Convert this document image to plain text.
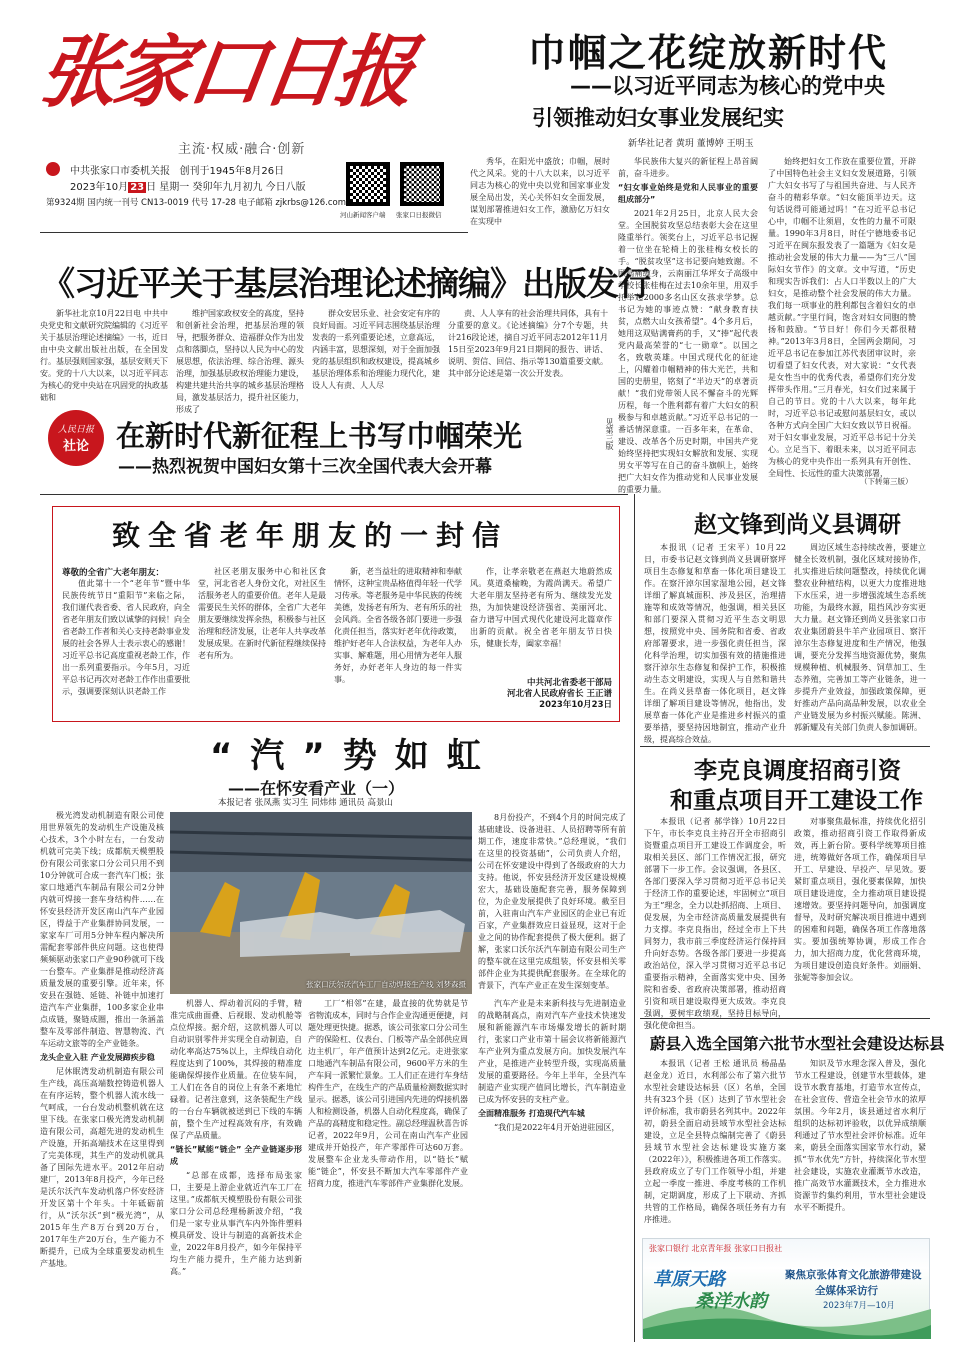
张家口日报
主流·权威·融合·创新
中共张家口市委机关报 创刊于1945年8月26日
2023年10月 23 日 星期一 癸卯年九月初九 今日八版
第9324期 国内统一刊号 CN13-0019 代号 17-28 电子邮箱 zjkrbs@126.com
河山新闻客户端 张家口日报微信
巾帼之花绽放新时代
——以习近平同志为核心的党中央
引领推动妇女事业发展纪实
新华社记者 黄玥 董博婷 王明玉

秀华，在阳光中盛放；巾帼，展时代之风采。党的十八大以来，以习近平同志为核心的党中央以党和国家事业发展全局出发，关心关怀妇女全面发展，谋划部署推进妇女工作，激励亿万妇女在实现中

华民族伟大复兴的新征程上昂首阔前，奋斗进步。

“妇女事业始终是党和人民事业的重要组成部分”

2021年2月25日，北京人民大会堂。全国脱贫攻坚总结表彰大会在这里隆重举行。领奖台上，习近平总书记握着一位坐在轮椅上的张桂梅女校长的手。“脱贫攻坚”这书记要向她致谢。不顾病痛缠身，云南丽江华坪女子高级中学校长张桂梅在过去10余年里，用双手托举起2000多名山区女孩求学梦。总书记为她的事迹点赞：“献身教育扶贫，点燃大山女孩希望”。4个多月后，她用这双贴满膏药的手，又“捧”起代表党内最高荣誉的“七一勋章”。以国之名，致敬英雄。中国式现代化的征途上，闪耀着巾帼精神的伟大光芒，共和国的史册里，铭刻了“半边天”的卓著贡献！“我们党带领人民不懈奋斗的光辉历程，每一个胜利都有着广大妇女的积极参与和卓越贡献。”习近平总书记的一番话情深意重。一百多年来，在革命、建设、改革各个历史时期，中国共产党始终坚持把实现妇女解放和发展、实现男女平等写在自己的奋斗旗帜上，始终把广大妇女作为推动党和人民事业发展的重要力量。

始终把妇女工作放在重要位置，开辟了中国特色社会主义妇女发展道路，引领广大妇女书写了与祖国共奋进、与人民齐奋斗的精彩华章。“妇女能顶半边天。这句话说得可能通过吗！”在习近平总书记心中，巾帼不让须眉，女性的力量不可限量。1990年3月8日，时任宁德地委书记习近平在闽东报发表了一篇题为《妇女是推动社会发展的伟大力量——为“三八”国际妇女节作》的文章。文中写道，“历史和现实告诉我们：占人口半数以上的广大妇女，是推动整个社会发展的伟大力量。我们每一项事业的胜利都包含着妇女的卓越贡献。”字里行间，饱含对妇女同胞的赞扬和鼓励。“节日好！你们今天都很精神。”2013年3月8日，全国两会期间，习近平总书记在参加江苏代表团审议时，亲切看望了妇女代表，对大家说：“女代表是女性当中的优秀代表，希望你们充分发挥带头作用。”三月春光，妇女们过来属于自己的节日。党的十八大以来，每年此时，习近平总书记或慰问基层妇女，或以各种方式向全国广大妇女致以节日祝福。对于妇女事业发展，习近平总书记十分关心。立足当下、着眼未来，以习近平同志为核心的党中央作出一系列具有开创性、全局性、长远性的重大决策部署，

（下转第三版）
《习近平关于基层治理论述摘编》出版发行

新华社北京10月22日电 中共中央党史和文献研究院编辑的《习近平关于基层治理论述摘编》一书，近日由中央文献出版社出版，在全国发行。基层强则国家强，基层安则天下安。党的十八大以来，以习近平同志为核心的党中央站在巩固党的执政基础和

维护国家政权安全的高度，坚持和创新社会治理，把基层治理的领导，把服务群众、造福群众作为出发点和落脚点，坚持以人民为中心的发展思想，依法治理、综合治理、源头治理，加强基层政权治理能力建设，构建共建共治共享的城乡基层治理格局，激发基层活力，提升社区能力，形成了

群众安居乐业、社会安定有序的良好局面。习近平同志围绕基层治理发表的一系列重要论述，立意高远，内涵丰富，思想深刻，对于全面加强党的基层组织和政权建设，提高城乡基层治理体系和治理能力现代化，建设人人有责、人人尽

责、人人享有的社会治理共同体，具有十分重要的意义。《论述摘编》分7个专题，共计216段论述，摘自习近平同志2012年11月15日至2023年9月21日期间的报告、讲话、说明、贺信、回信、指示等130篇重要文献。其中部分论述是第一次公开发表。

人民日报
社论 在新时代新征程上书写巾帼荣光
——热烈祝贺中国妇女第十三次全国代表大会开幕
见第三版
致全省老年朋友的一封信
尊敬的全省广大老年朋友：

值此第十一个“老年节”暨中华民族传统节日“重阳节”来临之际，我们谨代表省委、省人民政府，向全省老年朋友们致以诚挚的问候！向全省老龄工作者和关心支持老龄事业发展的社会各界人士表示衷心的感谢！习近平总书记高度重视老龄工作，作出一系列重要指示。今年5月，习近平总书记再次对老龄工作作出重要批示，强调要深刻认识老龄工作

社区老朋友服务中心和社区食堂，河北省老人身份文化，对社区生活服务老人的重要价值。老年人是最需要民生关怀的群体，全省广大老年朋友要继续发挥余热，积极参与社区治理和经济发展，让老年人共享改革发展成果。在新时代新征程继续保持老有所为。

新，老当益壮的进取精神和奉献情怀，这种宝贵品格值得年轻一代学习传承。等老服务是中华民族的传统美德，发扬老有所为、老有所乐的社会风尚。全省各级各部门要进一步强化责任担当，落实好老年优待政策，维护好老年人合法权益，为老年人办实事、解难题，用心用情为老年人服务好，办好老年人身边的每一件实事。

作，让孝亲敬老在燕赵大地蔚然成风。莫道桑榆晚，为霞尚满天。希望广大老年朋友坚持老有所为、继续发光发热，为加快建设经济强省、美丽河北、奋力谱写中国式现代化建设河北篇章作出新的贡献。祝全省老年朋友节日快乐，健康长寿，阖家幸福！

中共河北省委老干部局
河北省人民政府省长 王正谱
2023年10月23日
赵文锋到尚义县调研

本报讯（记者 王宋平）10月22日，市委书记赵文锋到尚义县调研察坪项目生态修复和草畜一体化项目建设工作。在察汗淖尔国家湿地公园，赵文锋详细了解真城面积、涉及县区，治理措施等和成效等情况，他强调，相关县区和部门要深入贯彻习近平生态文明思想，按照党中央、国务院和省委、省政府部署要求，进一步强化责任担当，深化科学治理，切实加强有效的措施推进察汗淖尔生态修复和保护工作，积极推动生态文明建设，实现人与自然和谐共生。在尚义县草畜一体化项目，赵文锋详细了解项目建设等情况，他指出，发展草畜一体化产业是推进乡村振兴的重要举措，要坚持因地制宜，推动产业升级，提高综合效益。

周边区域生态持续改善，要建立健全长效机制，强化区域对接协作，扎实推进后续问题整改，持续优化调整农业种植结构，以更大力度推进地下水压采，进一步增强流域生态系统功能，为最终水源，阻挡风沙夯实更大力量。赵文锋还到尚义县张家口市农业集团蔚县牛羊产业园项目、察汗淖尔生态修复进度和生产情况，他强调，要充分发挥当地资源优势，聚焦规模种植、机械服务、饲草加工、生态养殖，完善加工等产业链条，进一步提升产业效益，加强政策保障，更好推动产品向高品种发展，以农业全产业链发展为乡村振兴赋能。陈洲、郭新耀及有关部门负责人参加调研。

“汽”势如虹
——在怀安看产业（一）
本报记者 张凤燕 实习生 同炜炜 通讯员 高景山

极光湾发动机制造有限公司使用世界领先的发动机生产设施及核心技术，3个小时左右，一台发动机就可完美下线；成都航天模塑股份有限公司张家口分公司只用不到10分钟就可合成一套汽车门板；张家口地通汽车制品有限公司2分钟内就可焊接一套车身结构件……在怀安县经济开发区南山汽车产业园区，得益于产业集群协同发展，一家家车厂可用5分钟车程内解决所需配套零部件供应问题。这也使得频频驱动张家口产业90秒就可下线一台整车。产业集群是推动经济高质量发展的重要引擎。近年来，怀安县在强链、延链、补链中加速打造汽车产业集群，100多家企业串点成链，聚链成圈，推出一条涵盖整车及零部件制造、智慧物流、汽车运动文旅等的全产业链条。

龙头企业入驻 产业发展蹄疾步稳

尼休眠湾发动机制造有限公司生产线，高压高端数控铸造机器人在有序运转，整个机器人流水线一气呵成，一台台发动机整机就在这里下线。在张家口极光湾发动机制造有限公司，高超先进的发动机生产设施，开拓高端技术在这里得到了完美体现，其生产的发动机就具备了国际先进水平。2012年启动建厂，2013年8月投产，今年已经是沃尔沃汽车发动机落户怀安经济开发区第十个年头。十年砥砺前行，从“沃尔沃”到“极光湾”，从2015年生产8万台到20万台，2017年生产20万台，生产能力不断提升，已成为全球重要发动机生产基地。

张家口沃尔沃汽车工厂自动焊接生产线 刘梦森摄

8月份投产，不到4个月的时间完成了基础建设、设备进驻、人员招聘等所有前期工作，速度非常快。”总经理说，“我们在这里的投资基础”，公司负责人介绍，公司在怀安建设中得到了各级政府的大力支持。他说，怀安县经济开发区建设规模宏大，基础设施配套完善，服务保障到位，为企业发展提供了良好环境。截至目前，入驻南山汽车产业园区的企业已有近百家，产业集群效应日益显现，这对于企业之间的协作配套提供了极大便利。据了解，张家口沃尔沃汽车制造有限公司生产的整车就在这里完成组装，怀安县相关零部件企业为其提供配套服务。在全球化的背景下，汽车产业正在发生深刻变革。

机器人、焊动着沉闷的手臂，精准完成曲面叠、后视眼、发动机舱等点位焊接。据介绍，这款机器人可以自动识别零件并实现全自动制造，自动化率高达75%以上，主焊线自动化程度达到了100%，其焊接的精准度能确保焊接作业质量。在位装车间，工人们在各自的岗位上有条不紊地忙碌着。记者注意到，这条装配生产线的一台台车辆就被送到已下线的车辆前，整个生产过程高效有序，有效确保了产品质量。

“链长”赋能“链企” 全产业链逐步形成

“总部在成都，选择布局张家口，主要是上游企业就近汽车工厂在这里。”成都航天模塑股份有限公司张家口分公司总经理杨新波介绍，“我们是一家专业从事汽车内外饰件塑料模具研发、设计与制造的高新技术企业，2022年8月投产，如今年保持平均生产能力提升，生产能力达到新高。”

工厂“相邻”在建，最直接的优势就是节省物流成本，同时与合作企业沟通更便捷，问题处理更快捷。据悉，该公司张家口分公司生产的保险杠、仪表台、门板等产品全部供应周边主机厂，年产值预计达到2亿元。走进张家口地通汽车制品有限公司，9600平方米的生产车间一派繁忙景象。工人们正在进行车身结构件生产，在线生产的产品质量检测数据实时显示。据悉，该公司引进国内先进的焊接机器人和检测设备，机器人自动化程度高，确保了产品的高精度和稳定性。副总经理温秋喜告诉记者，2022年9月，公司在南山汽车产业园建成并开始投产，年产零部件可达60万套。发展整车企业龙头带动作用，以“链长”赋能“链企”，怀安县不断加大汽车零部件产业招商力度，推进汽车零部件产业集群化发展。

汽车产业是未来新科技与先进制造业的战略制高点，南对汽车产业技术快速发展和新能源汽车市场爆发增长的新时期行，张家口产业市第十届会议将新能源汽车产业列为重点发展方向。加快发展汽车产业，是推进产业转型升级，实现高质量发展的重要路径。今年上半年，全县汽车制造产业实现产值同比增长，汽车制造业已成为怀安县的支柱产业。

全面精准服务 打造现代汽车城

“我们是2022年4月开始进驻园区，

李克良调度招商引资
和重点项目开工建设工作

本报讯（记者 郝学锋）10月22日下午，市长李克良主持召开全市招商引资暨重点项目开工建设工作调度会，听取相关县区、部门工作情况汇报，研究部署下一步工作。会议强调，各县区、各部门要深入学习贯彻习近平总书记关于经济工作的重要论述，牢固树立“项目为王”理念，全力以赴抓招商、上项目、促发展，为全市经济高质量发展提供有力支撑。李克良指出，经过全市上下共同努力，我市前三季度经济运行保持回升向好态势。各级各部门要进一步提高政治站位，深入学习贯彻习近平总书记重要指示精神，全面落实党中央、国务院和省委、省政府决策部署，推动招商引资和项目建设取得更大成效。李克良强调，要树牢政绩观，坚持目标导向，强化使命担当。

对事聚焦最标准，持续优化招引政策，推动招商引资工作取得新成效，再上新台阶。要科学统筹项目推进，统筹做好各项工作，确保项目早开工、早建设、早投产、早见效。要紧盯重点项目，强化要素保障，加快项目建设进度，全力推动项目建设提速增效。要坚持问题导向，加强调度督导，及时研究解决项目推进中遇到的困难和问题，确保各项工作落地落实。要加强统筹协调，形成工作合力，加大招商力度，优化营商环境，为项目建设创造良好条件。刘丽娟、张妮等参加会议。

蔚县入选全国第六批节水型社会建设达标县

本报讯（记者 王松 通讯员 杨晶晶 赵金龙）近日，水利部公布了第六批节水型社会建设达标县（区）名单，全国共有323个县（区）达到了节水型社会评价标准，我市蔚县名列其中。2022年初，蔚县全面启动县域节水型社会达标建设，立足全县特点编制完善了《蔚县县域节水型社会达标建设实施方案（2022年）》，积极推进各项工作落实。县政府成立了专门工作领导小组，并建立起一季度一推进、季度考核的工作机制，定期调度，形成了上下联动、齐抓共管的工作格局，确保各项任务有力有序推进。

知识及节水理念深入普及，强化节水工程建设，创建节水型载体，建设节水教育基地，打造节水宣传点，在社会宣传、营造全社会节水的浓厚氛围。今年2月，该县通过省水利厅组织的达标初评验收，以优异成绩顺利通过了节水型社会评价标准。近年来，蔚县全面落实国家节水行动，紧抓“节水优先”方针，持续深化节水型社会建设，实施农业灌溉节水改造，推广高效节水灌溉技术，全力推进水资源节约集约利用，节水型社会建设水平不断提升。

张家口银行 北京青年报 张家口日报社
草原天路
桑洋水韵
聚焦京张体育文化旅游带建设
全媒体采访行
2023年7月—10月
